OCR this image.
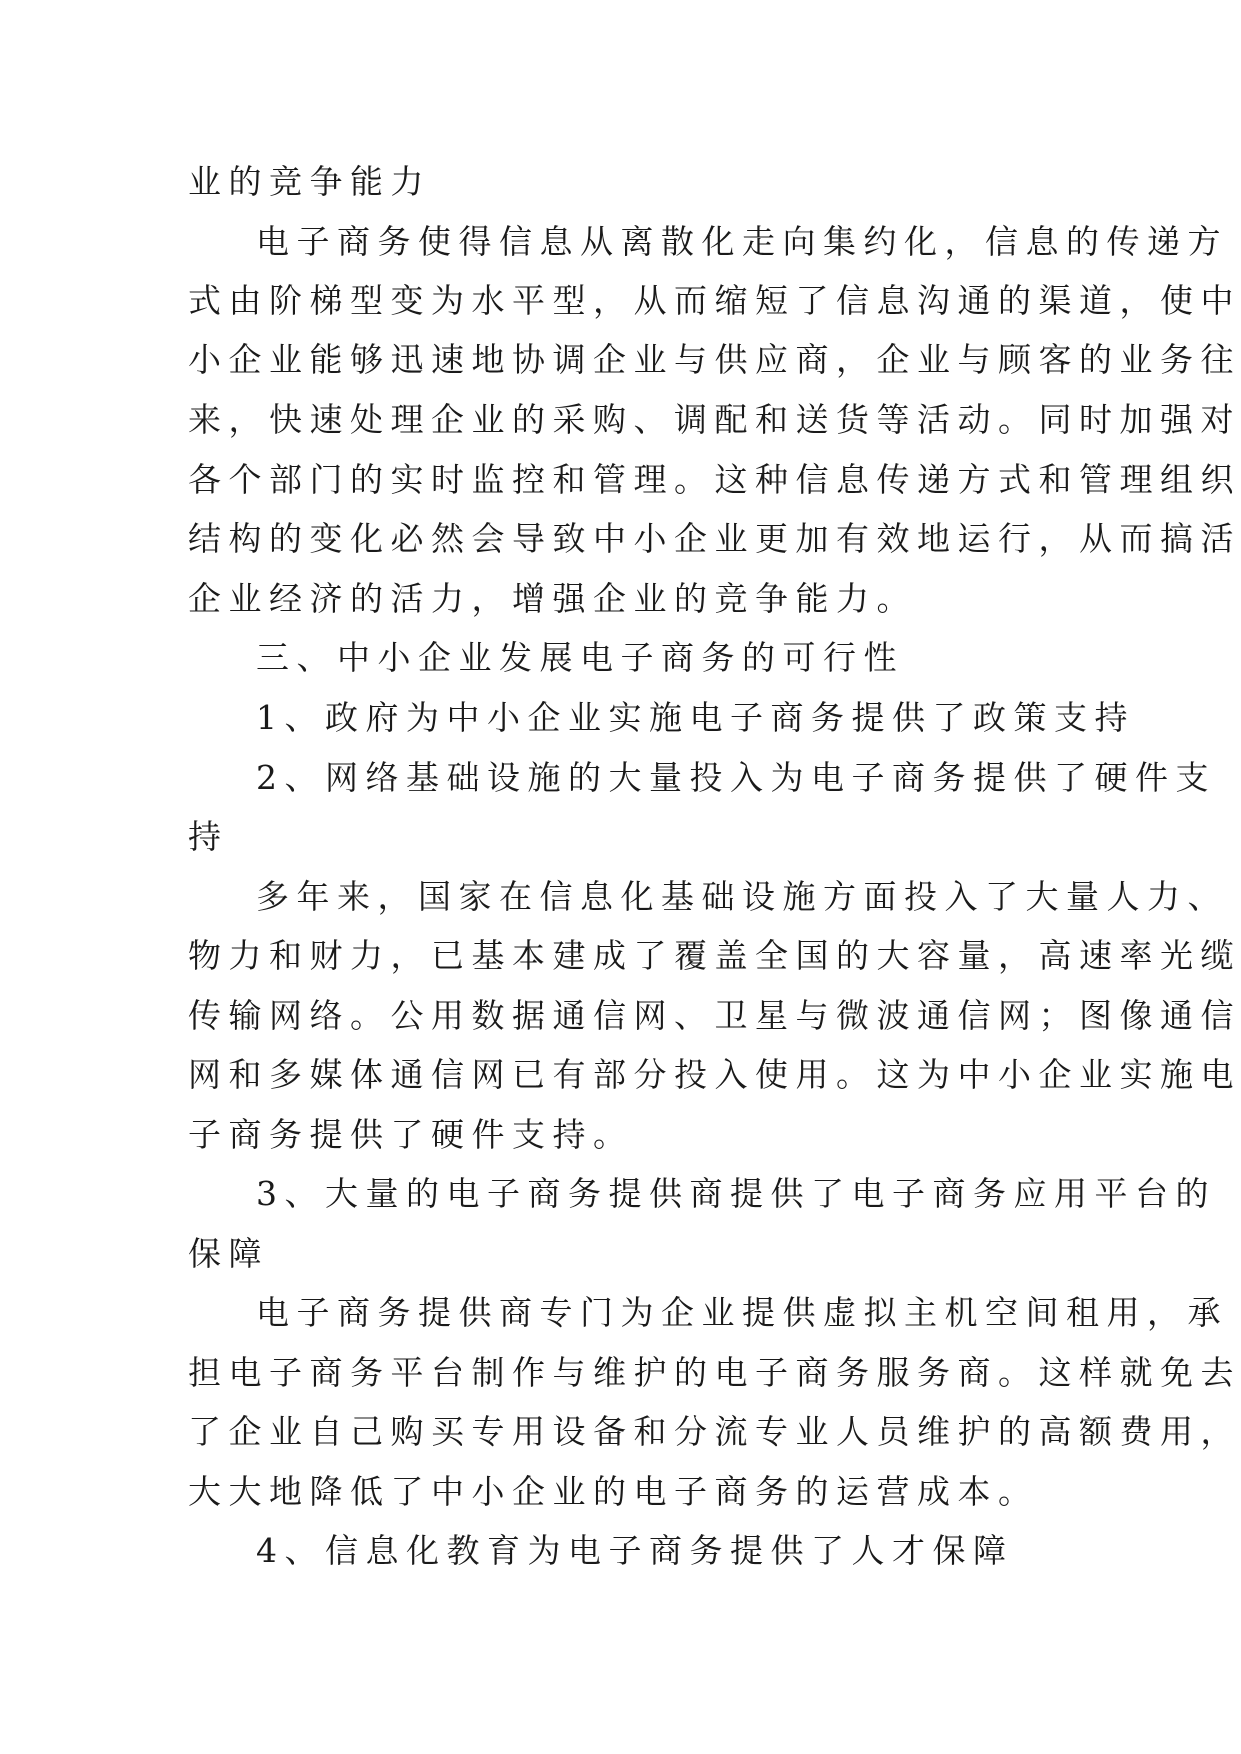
业的竞争能力
电子商务使得信息从离散化走向集约化，信息的传递方
式由阶梯型变为水平型，从而缩短了信息沟通的渠道，使中
小企业能够迅速地协调企业与供应商，企业与顾客的业务往
来，快速处理企业的采购、调配和送货等活动。同时加强对
各个部门的实时监控和管理。这种信息传递方式和管理组织
结构的变化必然会导致中小企业更加有效地运行，从而搞活
企业经济的活力，增强企业的竞争能力。
三、中小企业发展电子商务的可行性
1、政府为中小企业实施电子商务提供了政策支持
2、网络基础设施的大量投入为电子商务提供了硬件支
持
多年来，国家在信息化基础设施方面投入了大量人力、
物力和财力，已基本建成了覆盖全国的大容量，高速率光缆
传输网络。公用数据通信网、卫星与微波通信网；图像通信
网和多媒体通信网已有部分投入使用。这为中小企业实施电
子商务提供了硬件支持。
3、大量的电子商务提供商提供了电子商务应用平台的
保障
电子商务提供商专门为企业提供虚拟主机空间租用，承
担电子商务平台制作与维护的电子商务服务商。这样就免去
了企业自己购买专用设备和分流专业人员维护的高额费用，
大大地降低了中小企业的电子商务的运营成本。
4、信息化教育为电子商务提供了人才保障
